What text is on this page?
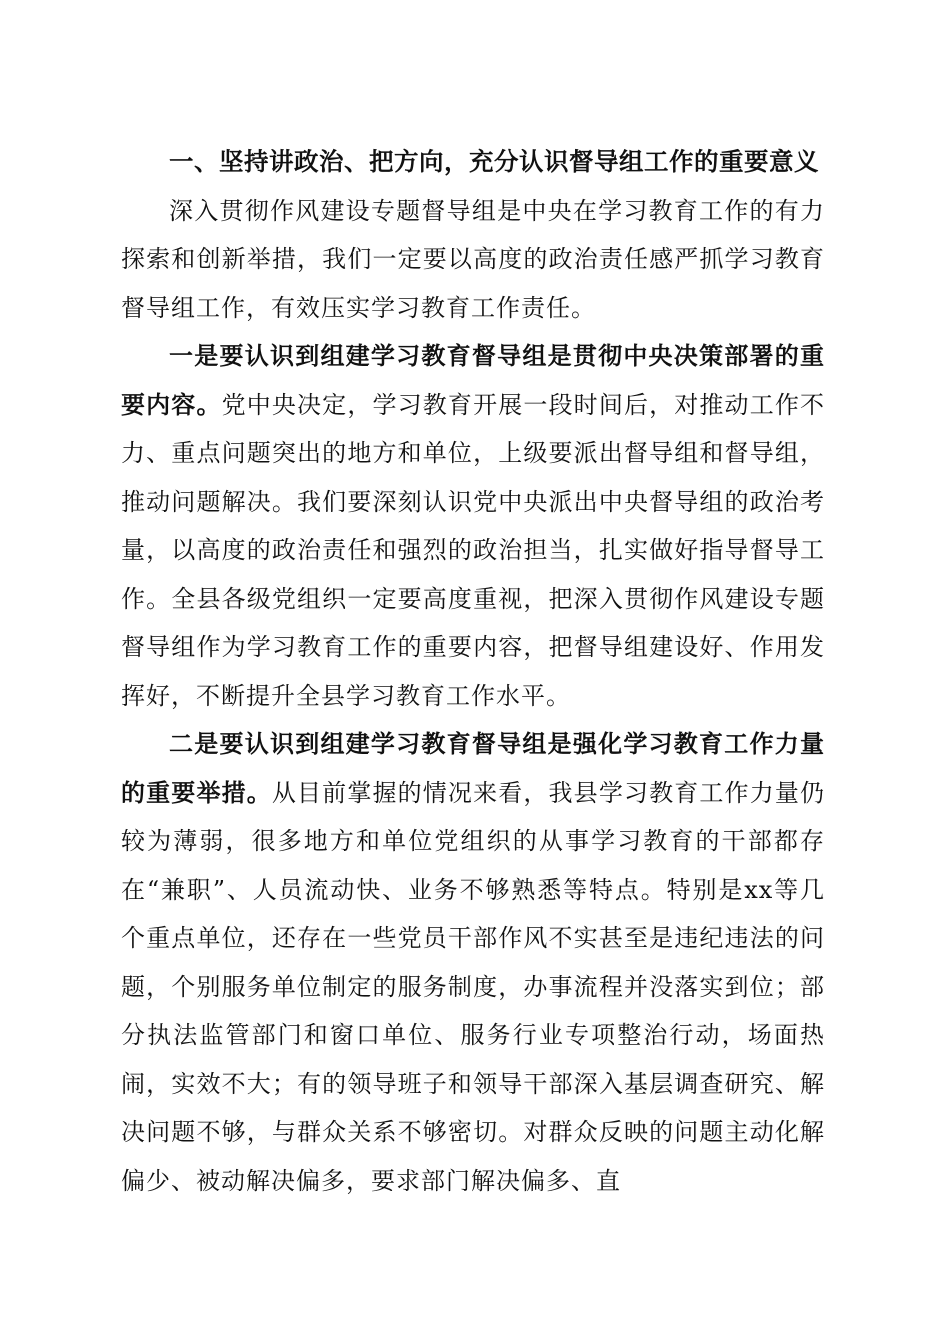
一、坚持讲政治、把方向，充分认识督导组工作的重要意义

深入贯彻作风建设专题督导组是中央在学习教育工作的有力探索和创新举措，我们一定要以高度的政治责任感严抓学习教育督导组工作，有效压实学习教育工作责任。

一是要认识到组建学习教育督导组是贯彻中央决策部署的重要内容。党中央决定，学习教育开展一段时间后，对推动工作不力、重点问题突出的地方和单位，上级要派出督导组和督导组，推动问题解决。我们要深刻认识党中央派出中央督导组的政治考量，以高度的政治责任和强烈的政治担当，扎实做好指导督导工作。全县各级党组织一定要高度重视，把深入贯彻作风建设专题督导组作为学习教育工作的重要内容，把督导组建设好、作用发挥好，不断提升全县学习教育工作水平。

二是要认识到组建学习教育督导组是强化学习教育工作力量的重要举措。从目前掌握的情况来看，我县学习教育工作力量仍较为薄弱，很多地方和单位党组织的从事学习教育的干部都存在“兼职”、人员流动快、业务不够熟悉等特点。特别是xx等几个重点单位，还存在一些党员干部作风不实甚至是违纪违法的问题，个别服务单位制定的服务制度，办事流程并没落实到位；部分执法监管部门和窗口单位、服务行业专项整治行动，场面热闹，实效不大；有的领导班子和领导干部深入基层调查研究、解决问题不够，与群众关系不够密切。对群众反映的问题主动化解偏少、被动解决偏多，要求部门解决偏多、直
